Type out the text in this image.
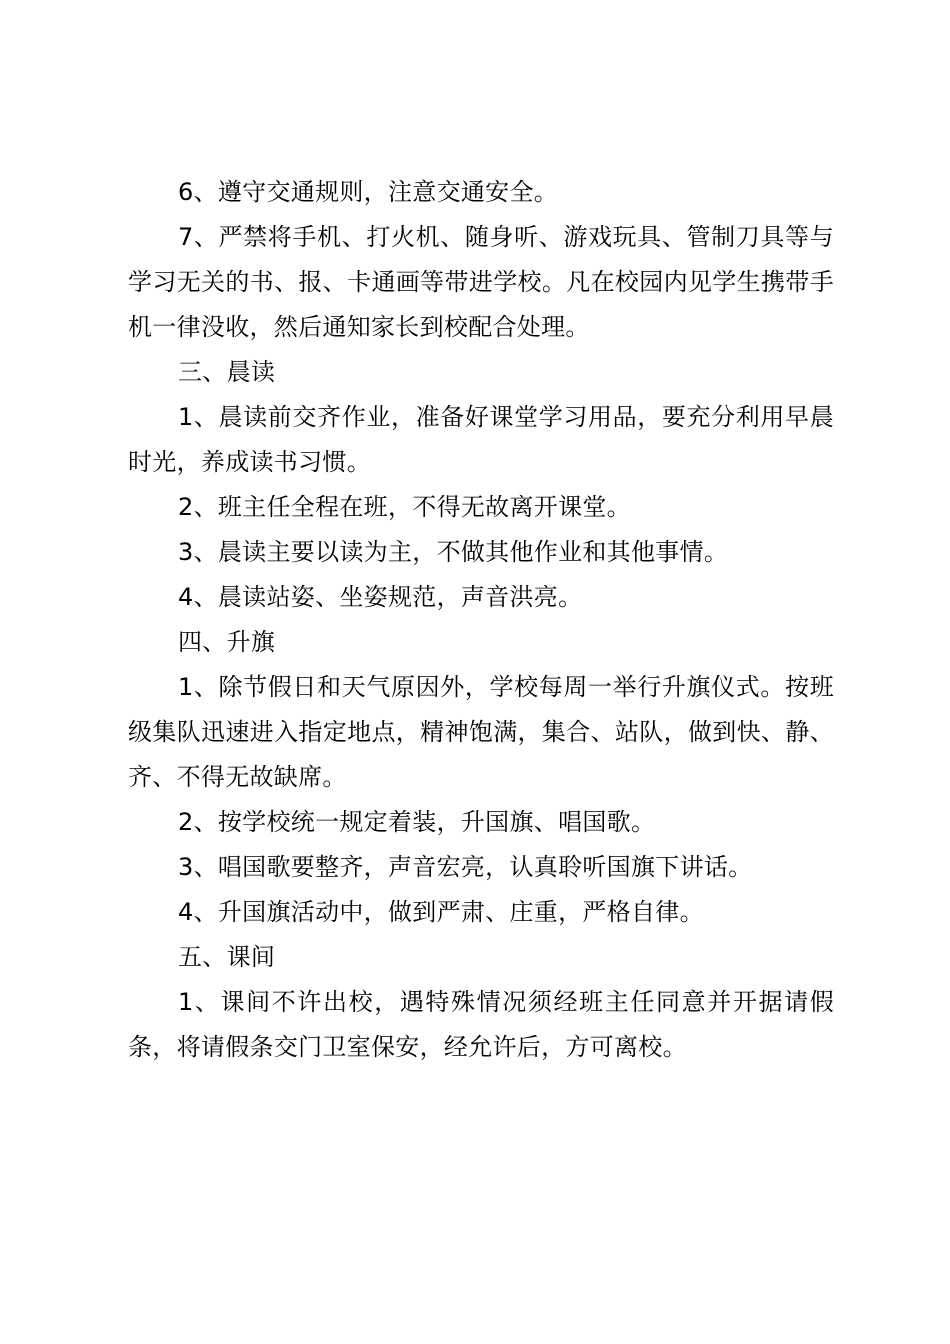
6、遵守交通规则，注意交通安全。

7、严禁将手机、打火机、随身听、游戏玩具、管制刀具等与学习无关的书、报、卡通画等带进学校。凡在校园内见学生携带手机一律没收，然后通知家长到校配合处理。

三、晨读

1、晨读前交齐作业，准备好课堂学习用品，要充分利用早晨时光，养成读书习惯。

2、班主任全程在班，不得无故离开课堂。

3、晨读主要以读为主，不做其他作业和其他事情。

4、晨读站姿、坐姿规范，声音洪亮。

四、升旗

1、除节假日和天气原因外，学校每周一举行升旗仪式。按班级集队迅速进入指定地点，精神饱满，集合、站队，做到快、静、齐、不得无故缺席。

2、按学校统一规定着装，升国旗、唱国歌。

3、唱国歌要整齐，声音宏亮，认真聆听国旗下讲话。

4、升国旗活动中，做到严肃、庄重，严格自律。

五、课间

1、课间不许出校，遇特殊情况须经班主任同意并开据请假条，将请假条交门卫室保安，经允许后，方可离校。
